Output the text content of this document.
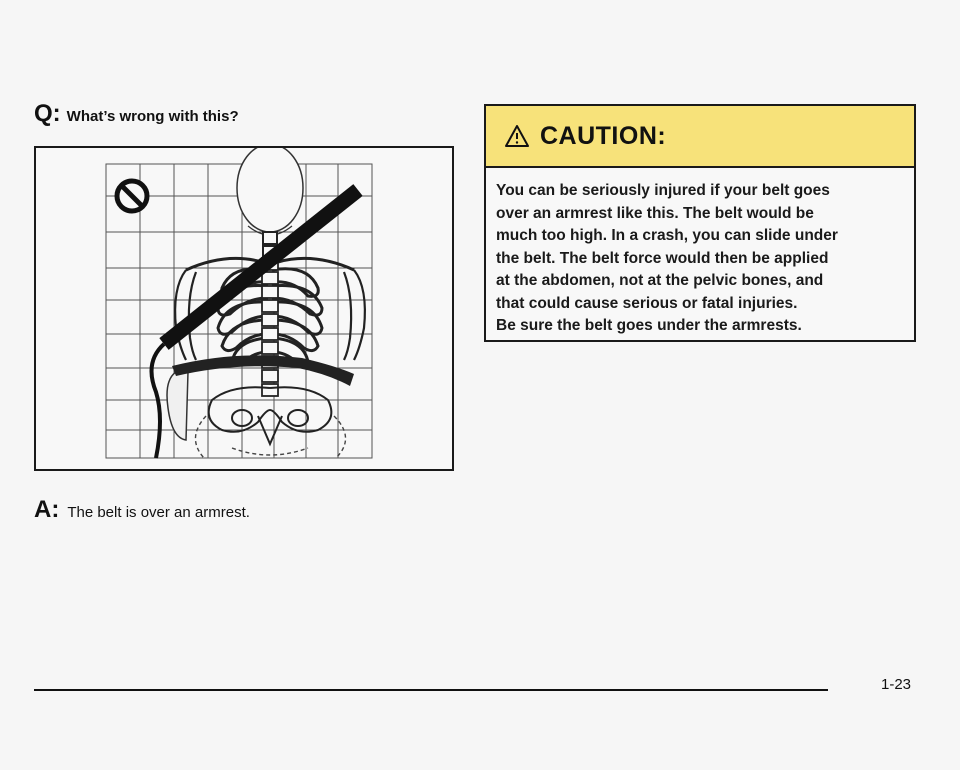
Q: What’s wrong with this?
A: The belt is over an armrest.
CAUTION:

You can be seriously injured if your belt goes

over an armrest like this. The belt would be

much too high. In a crash, you can slide under

the belt. The belt force would then be applied

at the abdomen, not at the pelvic bones, and

that could cause serious or fatal injuries.

Be sure the belt goes under the armrests.

1-23
